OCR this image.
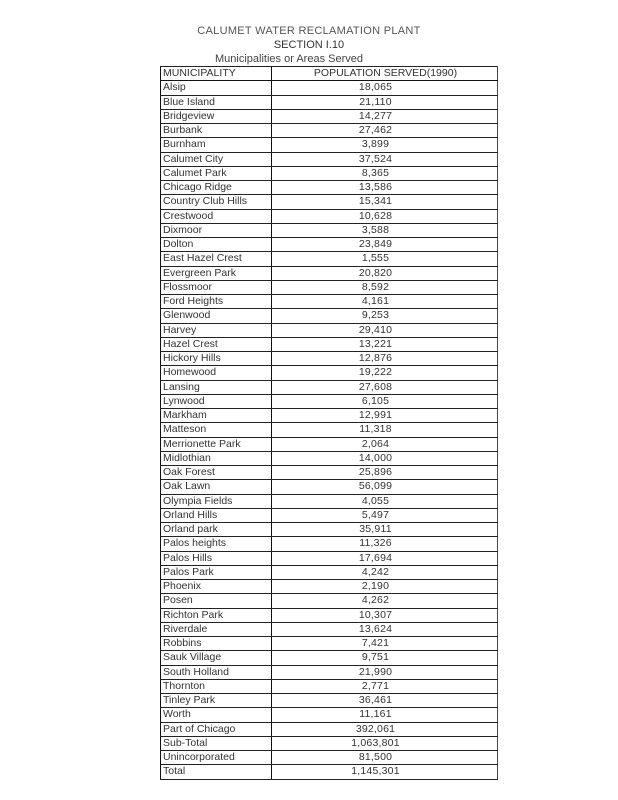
CALUMET WATER RECLAMATION PLANT
SECTION I.10
Municipalities or Areas Served
MUNICIPALITY	POPULATION SERVED(1990)
Alsip	18,065
Blue Island	21,110
Bridgeview	14,277
Burbank	27,462
Burnham	3,899
Calumet City	37,524
Calumet Park	8,365
Chicago Ridge	13,586
Country Club Hills	15,341
Crestwood	10,628
Dixmoor	3,588
Dolton	23,849
East Hazel Crest	1,555
Evergreen Park	20,820
Flossmoor	8,592
Ford Heights	4,161
Glenwood	9,253
Harvey	29,410
Hazel Crest	13,221
Hickory Hills	12,876
Homewood	19,222
Lansing	27,608
Lynwood	6,105
Markham	12,991
Matteson	11,318
Merrionette Park	2,064
Midlothian	14,000
Oak Forest	25,896
Oak Lawn	56,099
Olympia Fields	4,055
Orland Hills	5,497
Orland park	35,911
Palos heights	11,326
Palos Hills	17,694
Palos Park	4,242
Phoenix	2,190
Posen	4,262
Richton Park	10,307
Riverdale	13,624
Robbins	7,421
Sauk Village	9,751
South Holland	21,990
Thornton	2,771
Tinley Park	36,461
Worth	11,161
Part of Chicago	392,061
Sub-Total	1,063,801
Unincorporated	81,500
Total	1,145,301
